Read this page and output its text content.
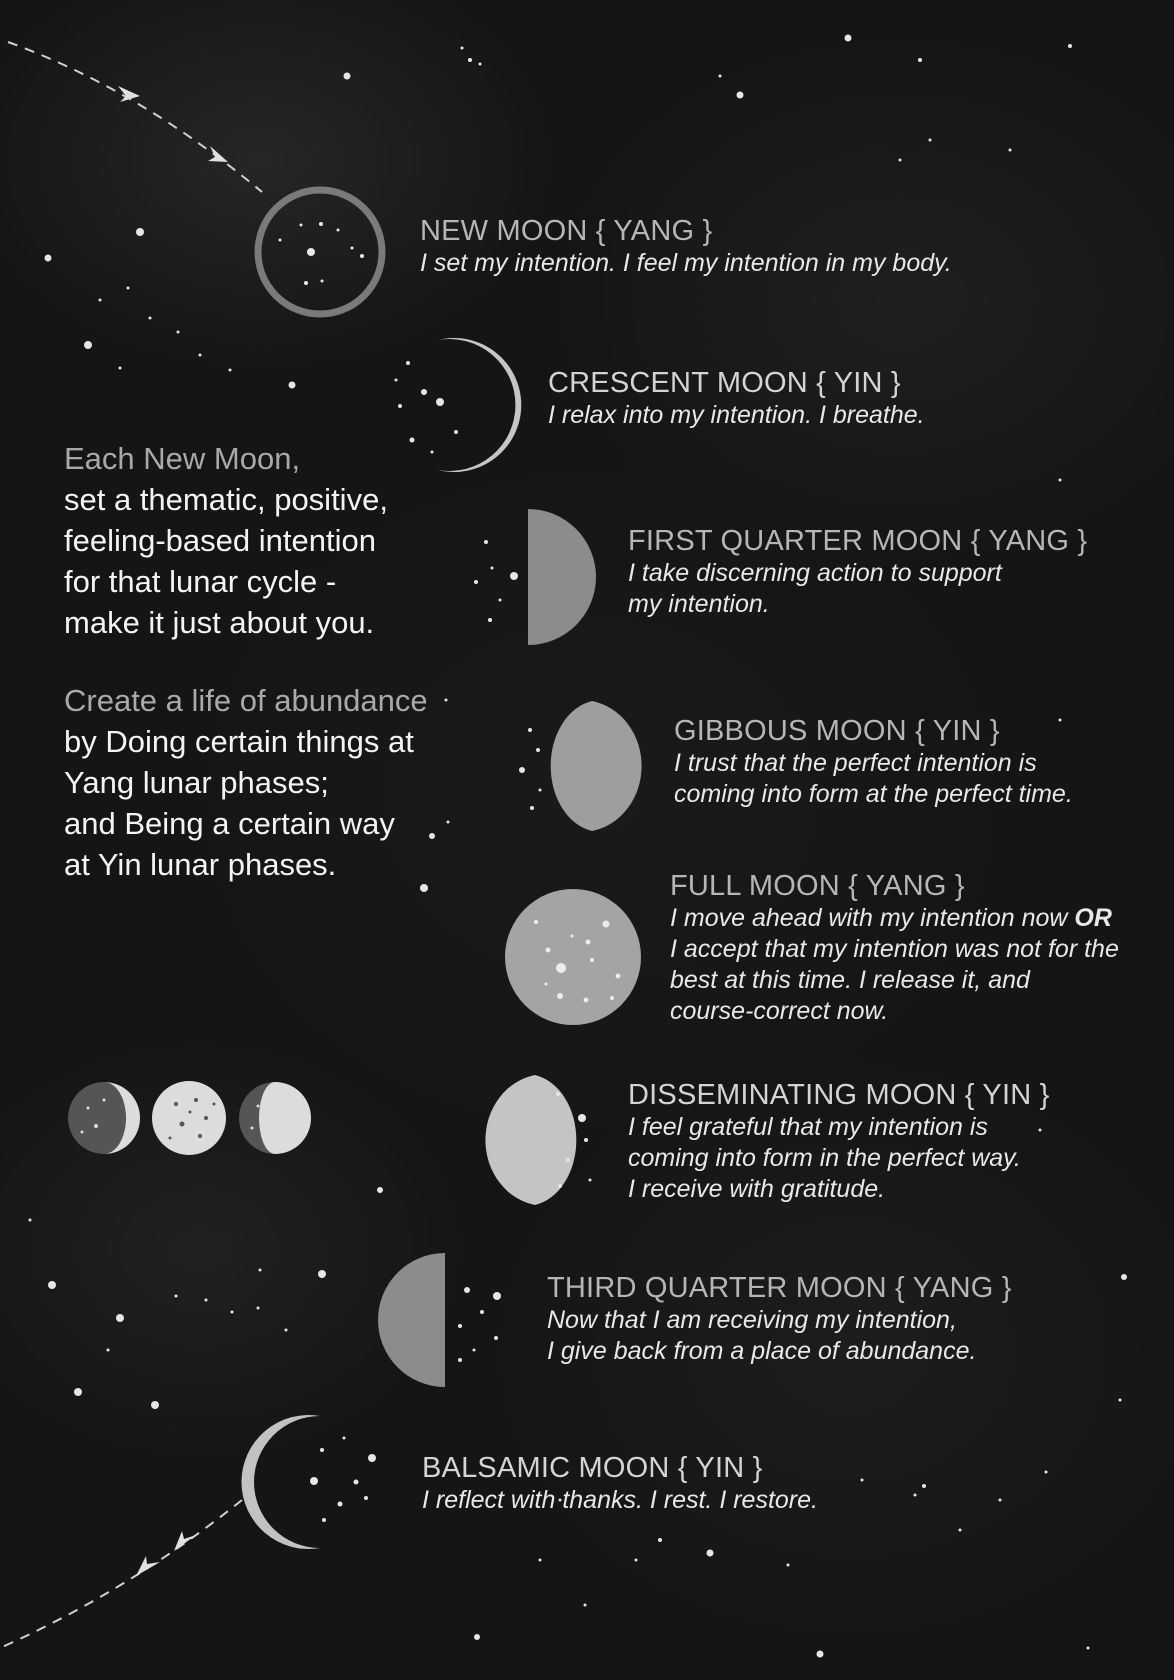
NEW MOON { YANG }
I set my intention. I feel my intention in my body.
CRESCENT MOON { YIN }
I relax into my intention. I breathe.
FIRST QUARTER MOON { YANG }
I take discerning action to support
my intention.
GIBBOUS MOON { YIN }
I trust that the perfect intention is
coming into form at the perfect time.
FULL MOON { YANG }
I move ahead with my intention now OR
I accept that my intention was not for the
best at this time. I release it, and
course-correct now.
DISSEMINATING MOON { YIN }
I feel grateful that my intention is
coming into form in the perfect way.
I receive with gratitude.
THIRD QUARTER MOON { YANG }
Now that I am receiving my intention,
I give back from a place of abundance.
BALSAMIC MOON { YIN }
I reflect with thanks. I rest. I restore.
Each New Moon,
set a thematic, positive,
feeling-based intention
for that lunar cycle -
make it just about you.
Create a life of abundance
by Doing certain things at
Yang lunar phases;
and Being a certain way
at Yin lunar phases.
